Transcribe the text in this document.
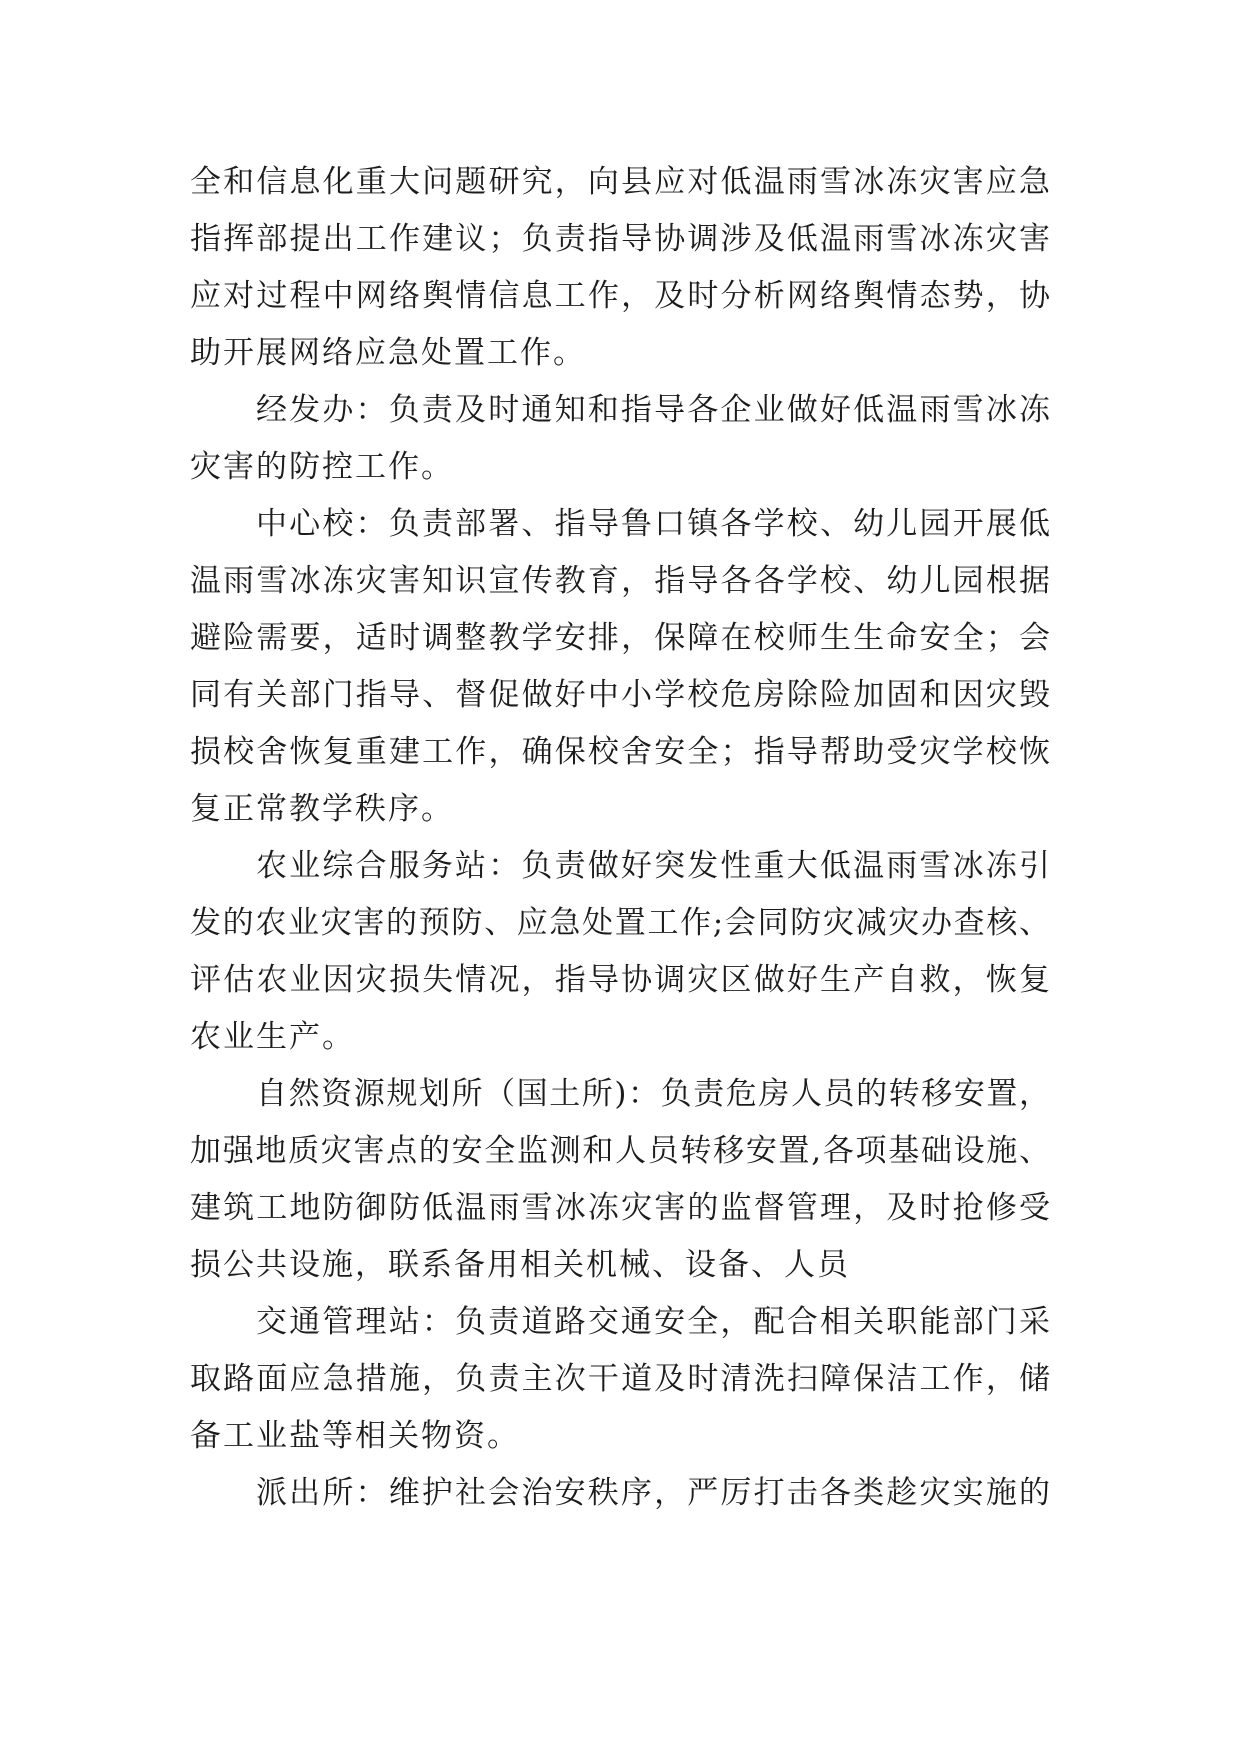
全和信息化重大问题研究，向县应对低温雨雪冰冻灾害应急
指挥部提出工作建议；负责指导协调涉及低温雨雪冰冻灾害
应对过程中网络舆情信息工作，及时分析网络舆情态势，协
助开展网络应急处置工作。
经发办：负责及时通知和指导各企业做好低温雨雪冰冻
灾害的防控工作。
中心校：负责部署、指导鲁口镇各学校、幼儿园开展低
温雨雪冰冻灾害知识宣传教育，指导各各学校、幼儿园根据
避险需要，适时调整教学安排，保障在校师生生命安全；会
同有关部门指导、督促做好中小学校危房除险加固和因灾毁
损校舍恢复重建工作，确保校舍安全；指导帮助受灾学校恢
复正常教学秩序。
农业综合服务站：负责做好突发性重大低温雨雪冰冻引
发的农业灾害的预防、应急处置工作;会同防灾减灾办查核、
评估农业因灾损失情况，指导协调灾区做好生产自救，恢复
农业生产。
自然资源规划所（国土所)：负责危房人员的转移安置，
加强地质灾害点的安全监测和人员转移安置,各项基础设施、
建筑工地防御防低温雨雪冰冻灾害的监督管理，及时抢修受
损公共设施，联系备用相关机械、设备、人员
交通管理站：负责道路交通安全，配合相关职能部门采
取路面应急措施，负责主次干道及时清洗扫障保洁工作，储
备工业盐等相关物资。
派出所：维护社会治安秩序，严厉打击各类趁灾实施的
